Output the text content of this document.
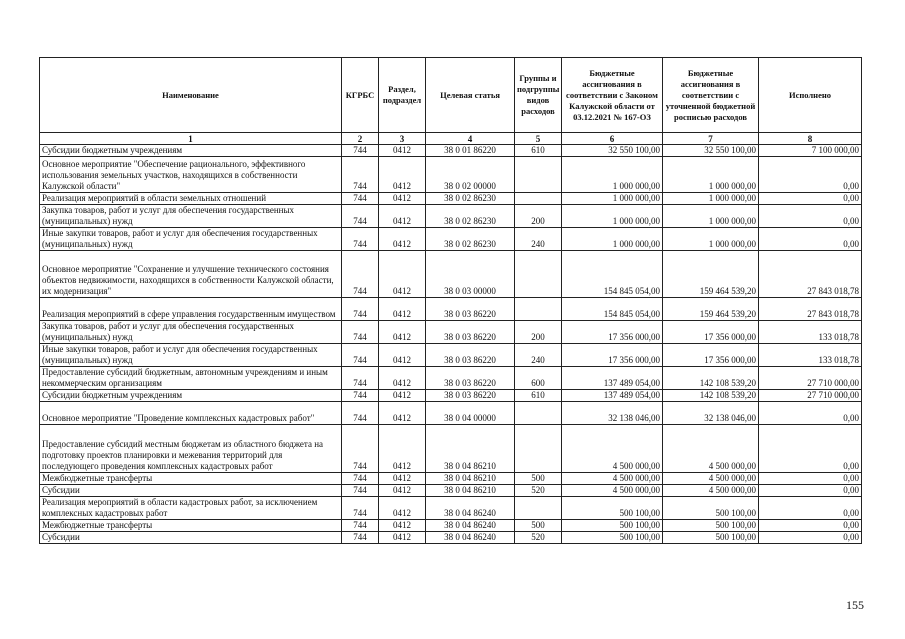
Наименование	КГРБС	Раздел, подраздел	Целевая статья	Группы и подгруппы видов расходов	Бюджетные ассигнования в соответствии с Законом Калужской области от 03.12.2021 № 167-ОЗ	Бюджетные ассигнования в соответствии с уточненной бюджетной росписью расходов	Исполнено
1	2	3	4	5	6	7	8
Субсидии бюджетным учреждениям	744	0412	38 0 01 86220	610	32 550 100,00	32 550 100,00	7 100 000,00
Основное мероприятие "Обеспечение рационального, эффективного использования земельных участков, находящихся в собственности Калужской области"	744	0412	38 0 02 00000		1 000 000,00	1 000 000,00	0,00
Реализация мероприятий в области земельных отношений	744	0412	38 0 02 86230		1 000 000,00	1 000 000,00	0,00
Закупка товаров, работ и услуг для обеспечения государственных (муниципальных) нужд	744	0412	38 0 02 86230	200	1 000 000,00	1 000 000,00	0,00
Иные закупки товаров, работ и услуг для обеспечения государственных (муниципальных) нужд	744	0412	38 0 02 86230	240	1 000 000,00	1 000 000,00	0,00
Основное мероприятие "Сохранение и улучшение технического состояния объектов недвижимости, находящихся в собственности Калужской области, их модернизация"	744	0412	38 0 03 00000		154 845 054,00	159 464 539,20	27 843 018,78
Реализация мероприятий в сфере управления государственным имуществом	744	0412	38 0 03 86220		154 845 054,00	159 464 539,20	27 843 018,78
Закупка товаров, работ и услуг для обеспечения государственных (муниципальных) нужд	744	0412	38 0 03 86220	200	17 356 000,00	17 356 000,00	133 018,78
Иные закупки товаров, работ и услуг для обеспечения государственных (муниципальных) нужд	744	0412	38 0 03 86220	240	17 356 000,00	17 356 000,00	133 018,78
Предоставление субсидий бюджетным, автономным учреждениям и иным некоммерческим организациям	744	0412	38 0 03 86220	600	137 489 054,00	142 108 539,20	27 710 000,00
Субсидии бюджетным учреждениям	744	0412	38 0 03 86220	610	137 489 054,00	142 108 539,20	27 710 000,00
Основное мероприятие "Проведение комплексных кадастровых работ"	744	0412	38 0 04 00000		32 138 046,00	32 138 046,00	0,00
Предоставление субсидий местным бюджетам из областного бюджета на подготовку проектов планировки и межевания территорий для последующего проведения комплексных кадастровых работ	744	0412	38 0 04 86210		4 500 000,00	4 500 000,00	0,00
Межбюджетные трансферты	744	0412	38 0 04 86210	500	4 500 000,00	4 500 000,00	0,00
Субсидии	744	0412	38 0 04 86210	520	4 500 000,00	4 500 000,00	0,00
Реализация мероприятий в области кадастровых работ, за исключением комплексных кадастровых работ	744	0412	38 0 04 86240		500 100,00	500 100,00	0,00
Межбюджетные трансферты	744	0412	38 0 04 86240	500	500 100,00	500 100,00	0,00
Субсидии	744	0412	38 0 04 86240	520	500 100,00	500 100,00	0,00
155
